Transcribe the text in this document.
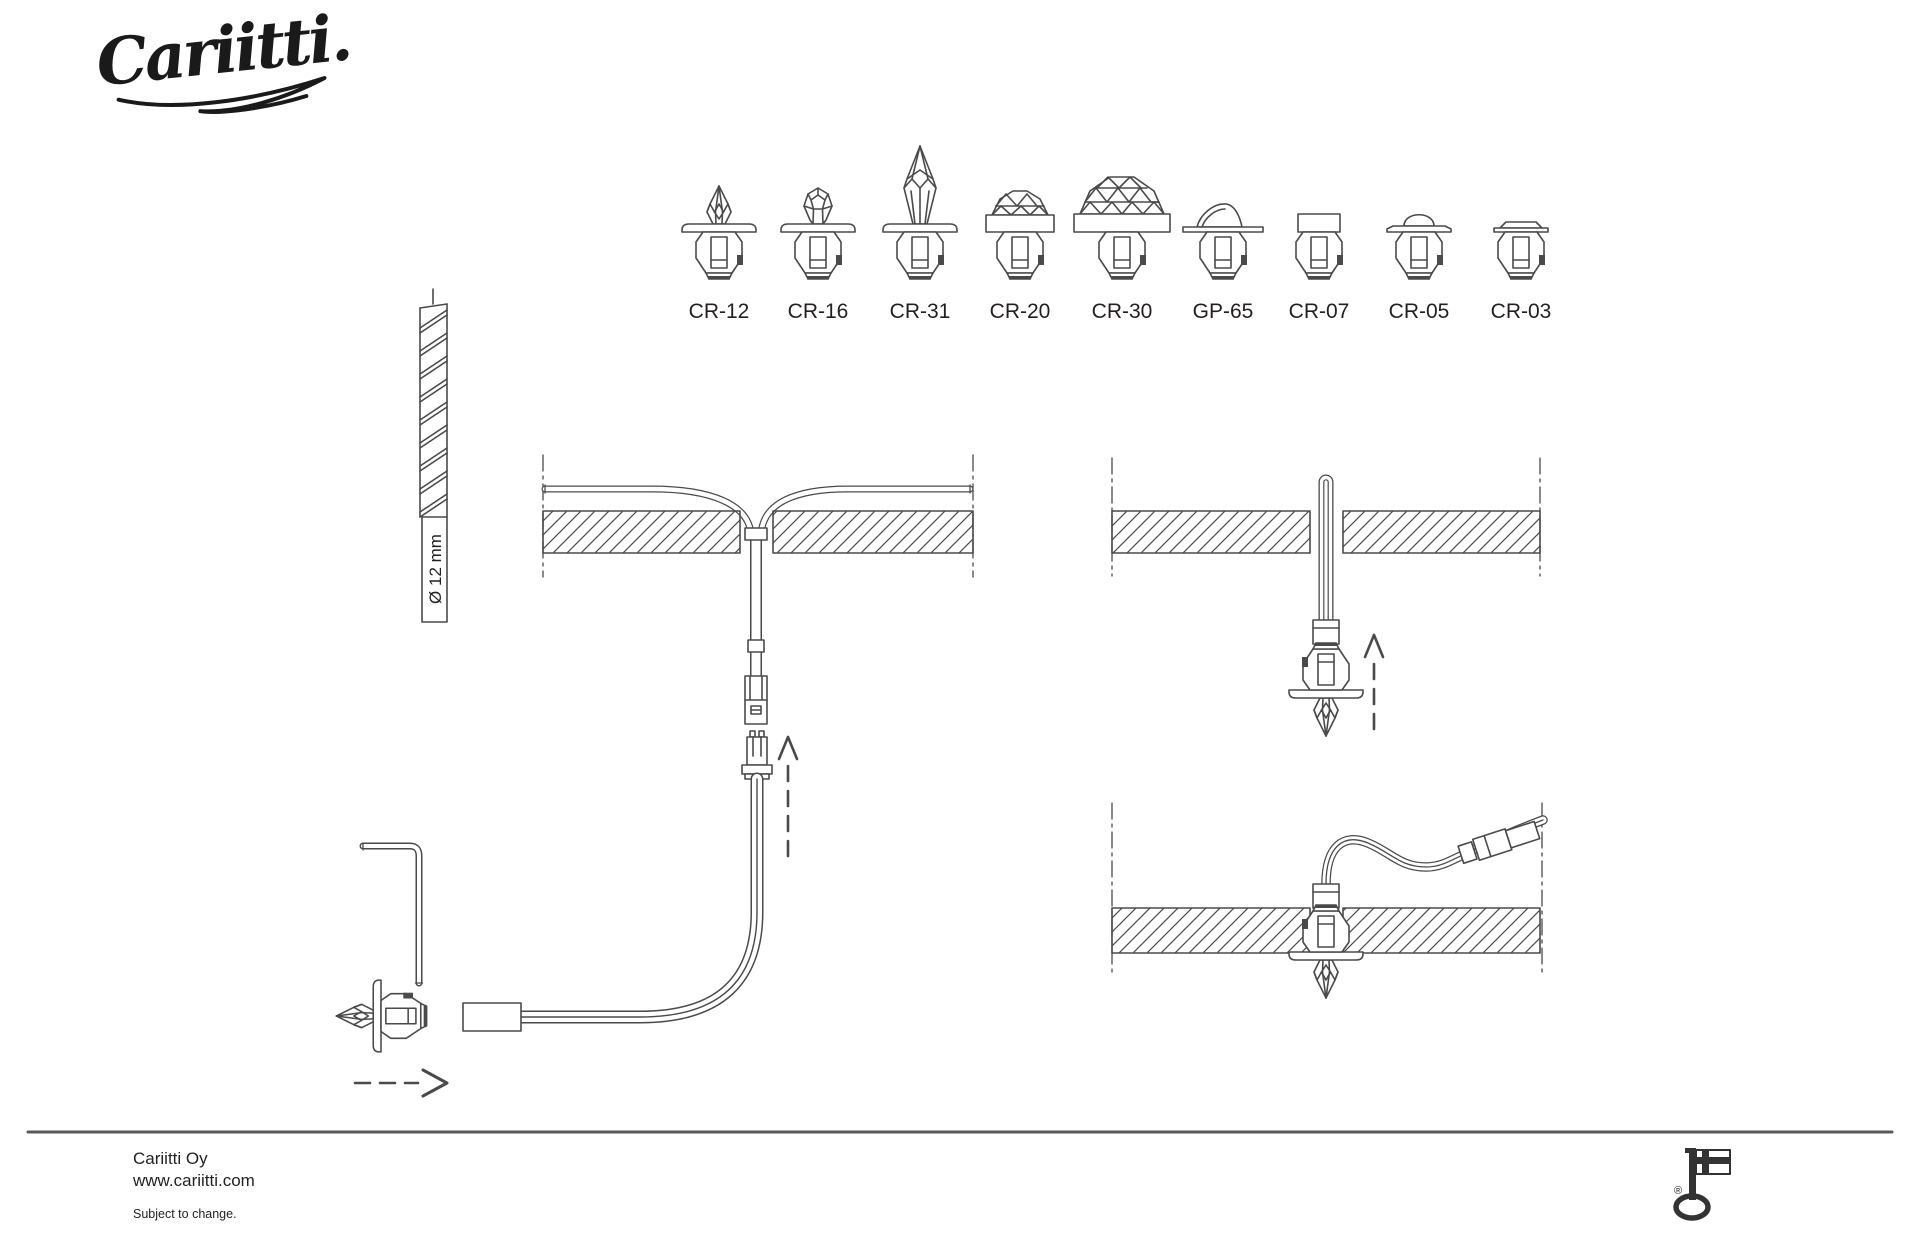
Cariitti.
CR-12 CR-16 CR-31 CR-20 CR-30 GP-65 CR-07 CR-05 CR-03
Ø 12 mm
Cariitti Oy
www.cariitti.com
Subject to change.
®
